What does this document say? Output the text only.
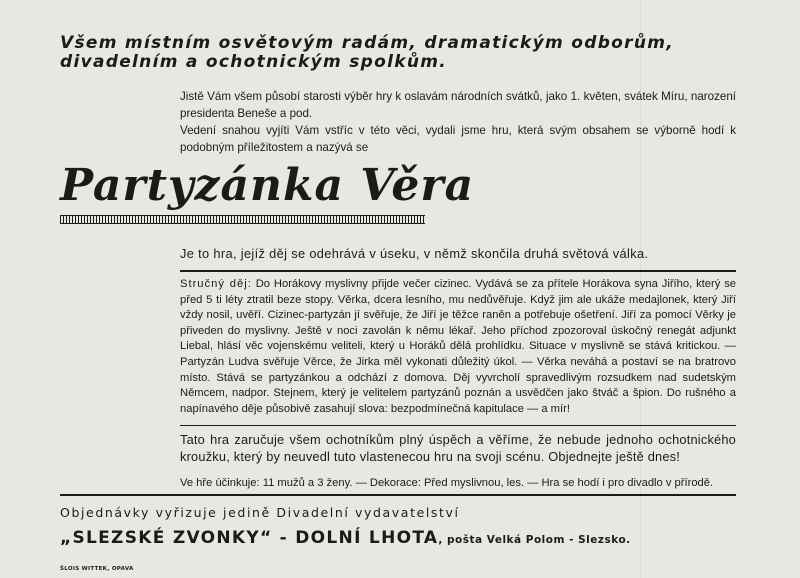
Všem místním osvětovým radám, dramatickým odborům,
divadelním a ochotnickým spolkům.

Jistě Vám všem působí starosti výběr hry k oslavám národních svátků, jako 1. květen, svátek Míru, narození presidenta Beneše a pod.

Vedení snahou vyjíti Vám vstříc v této věci, vydali jsme hru, která svým obsahem se výborně hodí k podobným příležitostem a nazývá se

Partyzánka Věra

Je to hra, jejíž děj se odehrává v úseku, v němž skončila druhá světová válka.

Stručný děj: Do Horákovy myslivny přijde večer cizinec. Vydává se za přítele Horákova syna Jiřího, který se před 5 ti léty ztratil beze stopy. Věrka, dcera lesního, mu nedůvěřuje. Když jim ale ukáže medajlonek, který Jiří vždy nosil, uvěří. Cizinec-partyzán jí svěřuje, že Jiří je těžce raněn a potřebuje ošetření. Jiří za pomocí Věrky je přiveden do myslivny. Ještě v noci zavolán k němu lékař. Jeho příchod zpozoroval úskočný renegát adjunkt Liebal, hlásí věc vojenskému veliteli, který u Horáků dělá prohlídku. Situace v myslivně se stává kritickou. — Partyzán Ludva svěřuje Věrce, že Jirka měl vykonati důležitý úkol. — Věrka neváhá a postaví se na bratrovo místo. Stává se partyzánkou a odchází z domova. Děj vyvrcholí spravedlivým rozsudkem nad sudetským Němcem, nadpor. Stejnem, který je velitelem partyzánů poznán a usvědčen jako štváč a špion. Do rušného a napínavého děje působivě zasahují slova: bezpodmínečná kapitulace — a mír!

Tato hra zaručuje všem ochotníkům plný úspěch a věříme, že nebude jednoho ochotnického kroužku, který by neuvedl tuto vlastenecou hru na svoji scénu. Objednejte ještě dnes!

Ve hře účinkuje: 11 mužů a 3 ženy. — Dekorace: Před myslivnou, les. — Hra se hodí i pro divadlo v přírodě.

Objednávky vyřizuje jedině Divadelní vydavatelství

„SLEZSKÉ ZVONKY“ - DOLNÍ LHOTA, pošta Velká Polom - Slezsko.

ŠLOIS WITTEK, OPAVA
